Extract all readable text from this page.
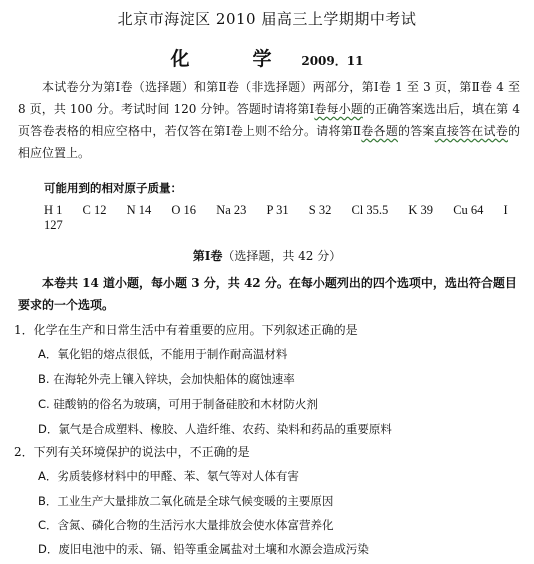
北京市海淀区 2010 届高三上学期期中考试
化　学 2009．11
本试卷分为第Ⅰ卷（选择题）和第Ⅱ卷（非选择题）两部分，第Ⅰ卷 1 至 3 页，第Ⅱ卷 4 至 8 页，共 100 分。考试时间 120 分钟。答题时请将第Ⅰ卷每小题的正确答案选出后，填在第 4 页答卷表格的相应空格中，若仅答在第Ⅰ卷上则不给分。请将第Ⅱ卷各题的答案直接答在试卷的相应位置上。
可能用到的相对原子质量：
H 1 C 12 N 14 O 16 Na 23 P 31 S 32 Cl 35.5 K 39 Cu 64 I 127
第Ⅰ卷（选择题，共 42 分）
本卷共 14 道小题，每小题 3 分，共 42 分。在每小题列出的四个选项中，选出符合题目要求的一个选项。
1．化学在生产和日常生活中有着重要的应用。下列叙述正确的是
A．氧化铝的熔点很低，不能用于制作耐高温材料
B. 在海轮外壳上镶入锌块，会加快船体的腐蚀速率
C. 硅酸钠的俗名为玻璃，可用于制备硅胶和木材防火剂
D．氯气是合成塑料、橡胶、人造纤维、农药、染料和药品的重要原料
2．下列有关环境保护的说法中，不正确的是
A．劣质装修材料中的甲醛、苯、氡气等对人体有害
B．工业生产大量排放二氧化硫是全球气候变暖的主要原因
C．含氮、磷化合物的生活污水大量排放会使水体富营养化
D．废旧电池中的汞、镉、铅等重金属盐对土壤和水源会造成污染
